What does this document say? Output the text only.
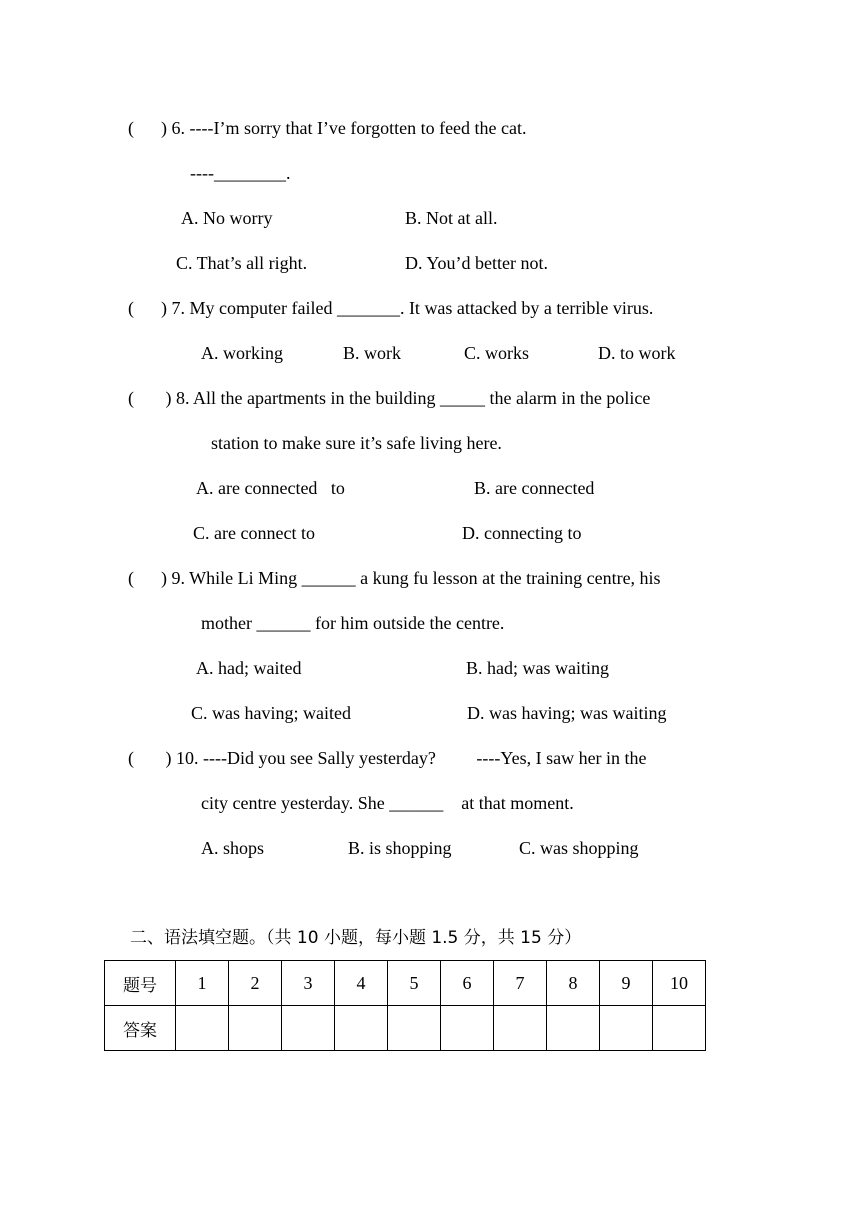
(      ) 6. ----I’m sorry that I’ve forgotten to feed the cat.
----________.
A. No worry	B. Not at all.
C. That’s all right.	D. You’d better not.
(      ) 7. My computer failed _______. It was attacked by a terrible virus.
A. working	B. work	C. works	D. to work
(       ) 8. All the apartments in the building _____ the alarm in the police
station to make sure it’s safe living here.
A. are connected   to	B. are connected
C. are connect to	D. connecting to
(      ) 9. While Li Ming ______ a kung fu lesson at the training centre, his
mother ______ for him outside the centre.
A. had; waited	B. had; was waiting
C. was having; waited	D. was having; was waiting
(       ) 10. ----Did you see Sally yesterday?         ----Yes, I saw her in the
city centre yesterday. She ______    at that moment.
A. shops	B. is shopping	C. was shopping
二、语法填空题。（共 10 小题，每小题 1.5 分，共 15 分）
题号	1	2	3	4	5	6	7	8	9	10
答案										
